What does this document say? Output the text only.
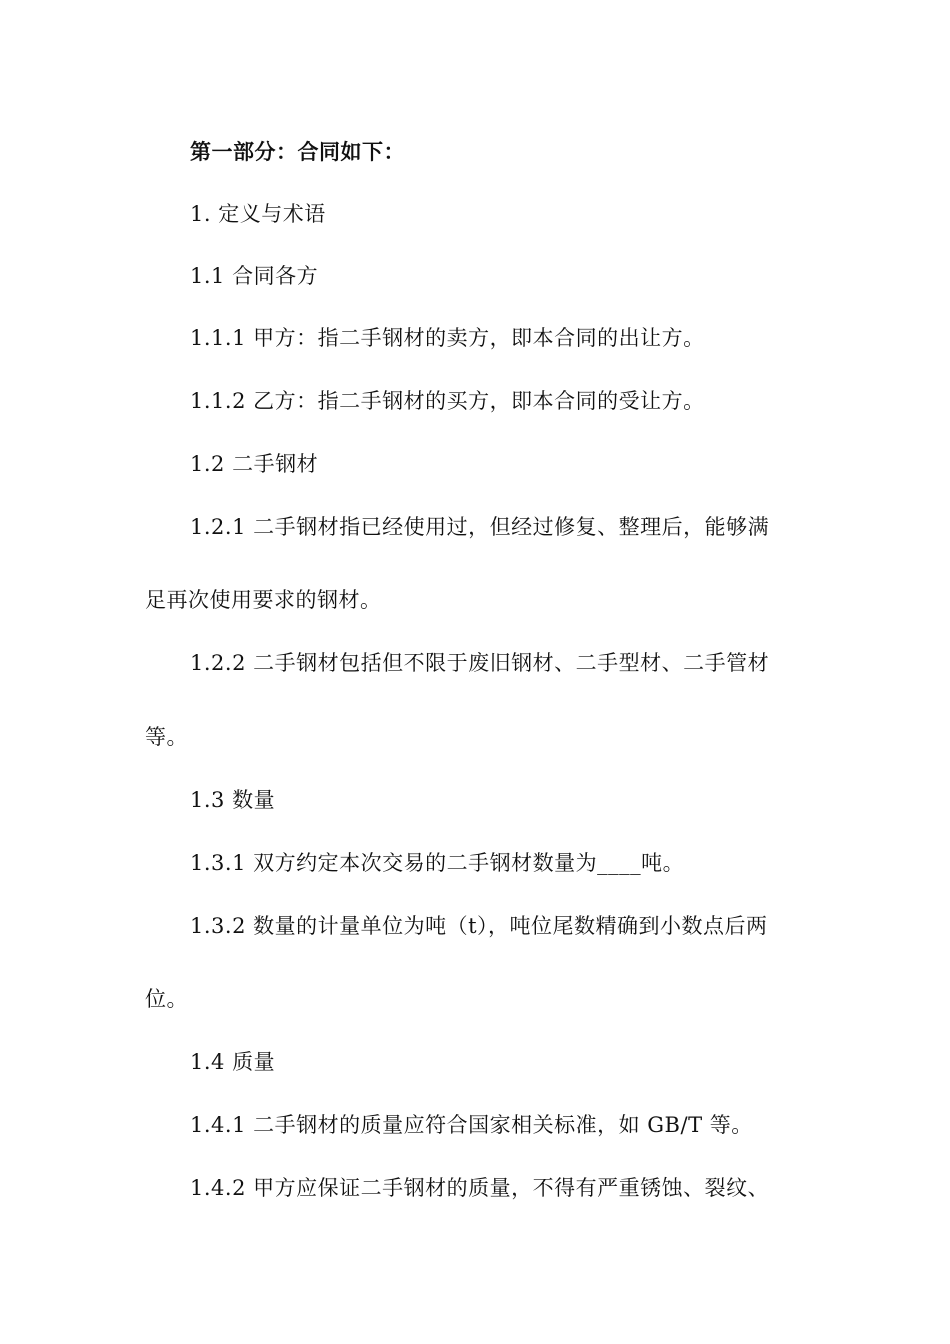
第一部分：合同如下：
1. 定义与术语
1.1 合同各方
1.1.1 甲方：指二手钢材的卖方，即本合同的出让方。
1.1.2 乙方：指二手钢材的买方，即本合同的受让方。
1.2 二手钢材
1.2.1 二手钢材指已经使用过，但经过修复、整理后，能够满
足再次使用要求的钢材。
1.2.2 二手钢材包括但不限于废旧钢材、二手型材、二手管材
等。
1.3 数量
1.3.1 双方约定本次交易的二手钢材数量为____吨。
1.3.2 数量的计量单位为吨（t），吨位尾数精确到小数点后两
位。
1.4 质量
1.4.1 二手钢材的质量应符合国家相关标准，如 GB/T 等。
1.4.2 甲方应保证二手钢材的质量，不得有严重锈蚀、裂纹、
